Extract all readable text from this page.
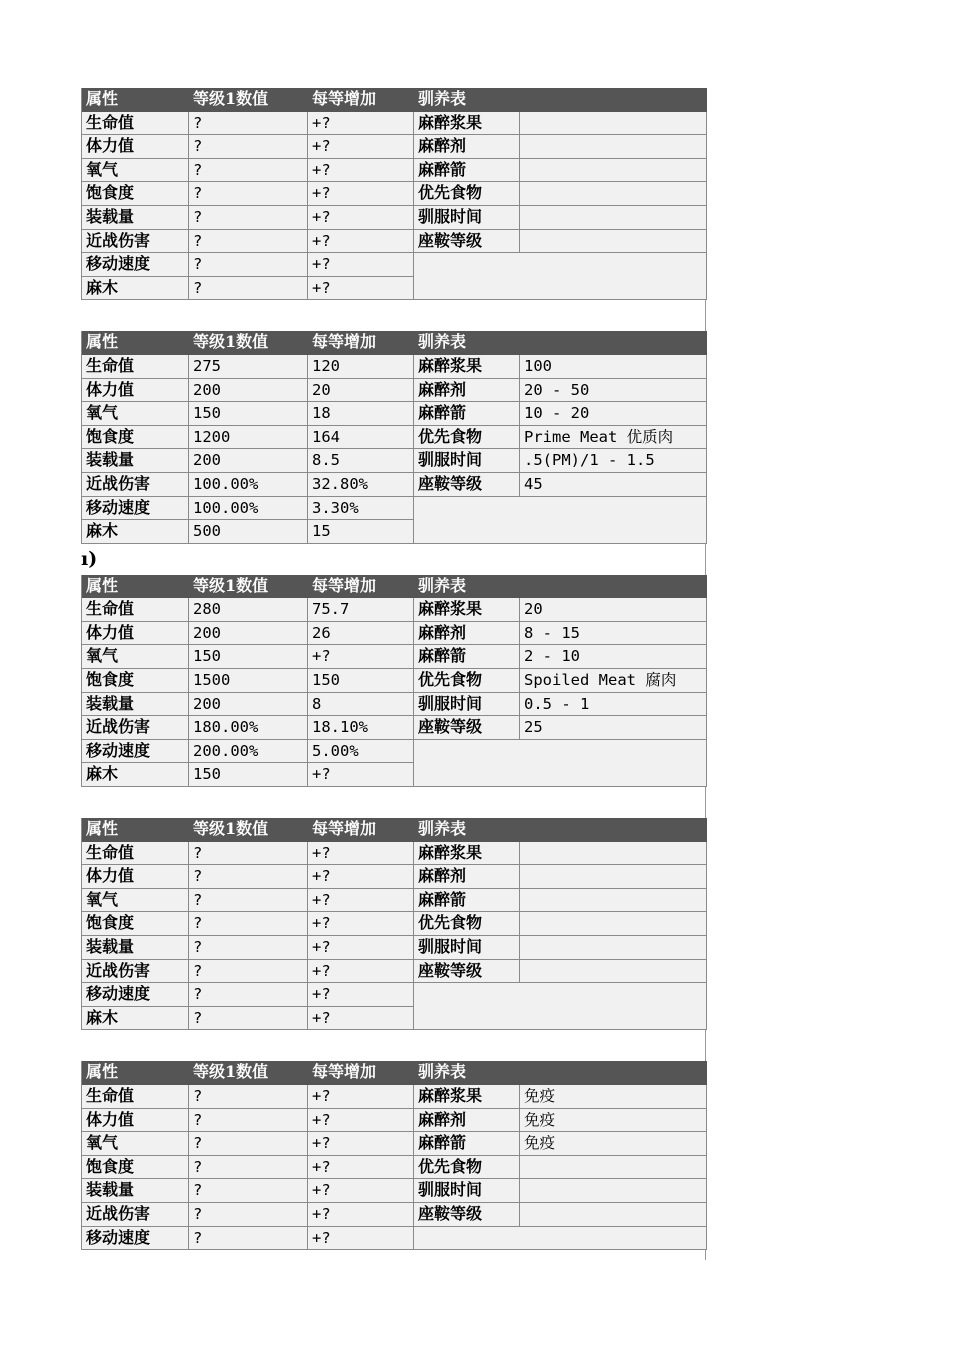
属性	等级1数值	每等增加	驯养表
生命值	?	+?	麻醉浆果
体力值	?	+?	麻醉剂
氧气	?	+?	麻醉箭
饱食度	?	+?	优先食物
装载量	?	+?	驯服时间
近战伤害	?	+?	座鞍等级
移动速度	?	+?
麻木	?	+?
属性	等级1数值	每等增加	驯养表
生命值	275	120	麻醉浆果	100
体力值	200	20	麻醉剂	20 - 50
氧气	150	18	麻醉箭	10 - 20
饱食度	1200	164	优先食物	Prime Meat 优质肉
装载量	200	8.5	驯服时间	.5(PM)/1 - 1.5
近战伤害	100.00%	32.80%	座鞍等级	45
移动速度	100.00%	3.30%
麻木	500	15
ı)
属性	等级1数值	每等增加	驯养表
生命值	280	75.7	麻醉浆果	20
体力值	200	26	麻醉剂	8 - 15
氧气	150	+?	麻醉箭	2 - 10
饱食度	1500	150	优先食物	Spoiled Meat 腐肉
装载量	200	8	驯服时间	0.5 - 1
近战伤害	180.00%	18.10%	座鞍等级	25
移动速度	200.00%	5.00%
麻木	150	+?
属性	等级1数值	每等增加	驯养表
生命值	?	+?	麻醉浆果
体力值	?	+?	麻醉剂
氧气	?	+?	麻醉箭
饱食度	?	+?	优先食物
装载量	?	+?	驯服时间
近战伤害	?	+?	座鞍等级
移动速度	?	+?
麻木	?	+?
属性	等级1数值	每等增加	驯养表
生命值	?	+?	麻醉浆果	免疫
体力值	?	+?	麻醉剂	免疫
氧气	?	+?	麻醉箭	免疫
饱食度	?	+?	优先食物
装载量	?	+?	驯服时间
近战伤害	?	+?	座鞍等级
移动速度	?	+?
